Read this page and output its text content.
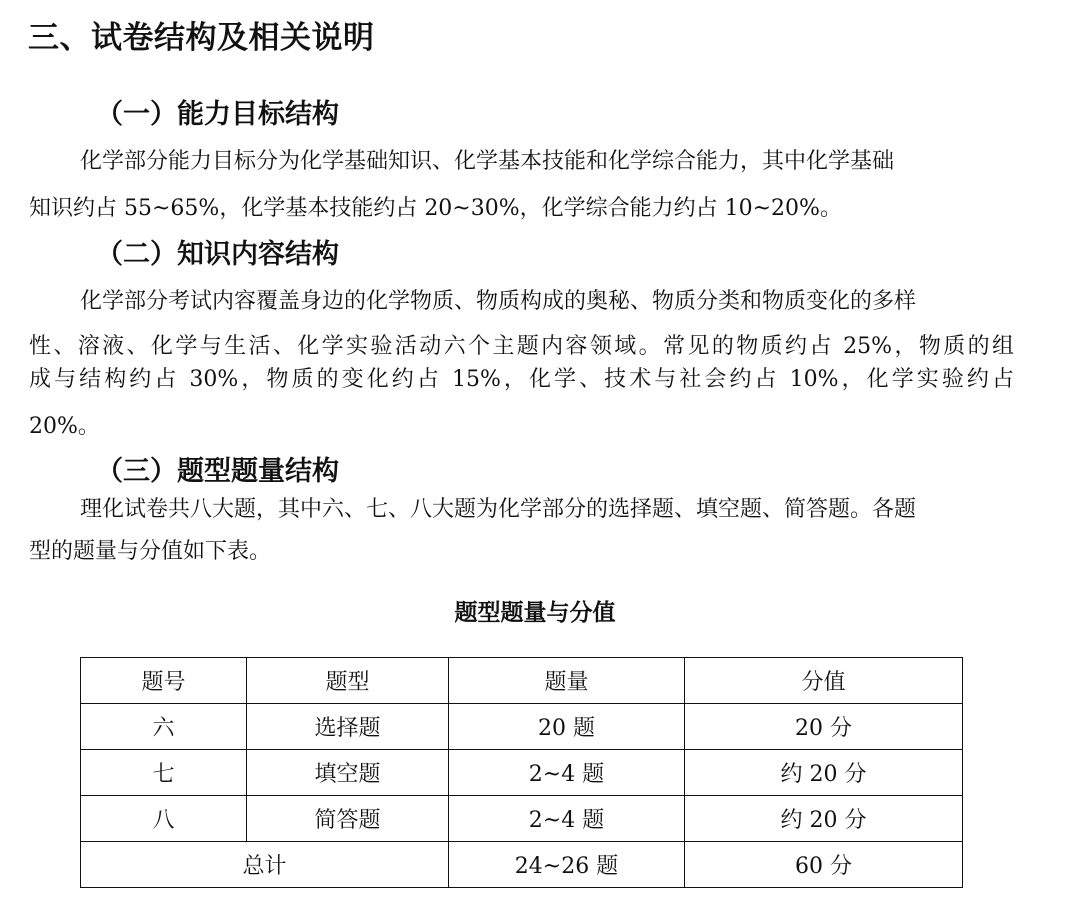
三、试卷结构及相关说明
（一）能力目标结构

化学部分能力目标分为化学基础知识、化学基本技能和化学综合能力，其中化学基础

知识约占 55~65%，化学基本技能约占 20~30%，化学综合能力约占 10~20%。

（二）知识内容结构

化学部分考试内容覆盖身边的化学物质、物质构成的奥秘、物质分类和物质变化的多样

性、溶液、化学与生活、化学实验活动六个主题内容领域。常见的物质约占 25%，物质的组

成与结构约占 30%，物质的变化约占 15%，化学、技术与社会约占 10%，化学实验约占

20%。

（三）题型题量结构

理化试卷共八大题，其中六、七、八大题为化学部分的选择题、填空题、简答题。各题

型的题量与分值如下表。

题型题量与分值
题号	题型	题量	分值
六	选择题	20 题	20 分
七	填空题	2~4 题	约 20 分
八	简答题	2~4 题	约 20 分
总计		24~26 题	60 分
